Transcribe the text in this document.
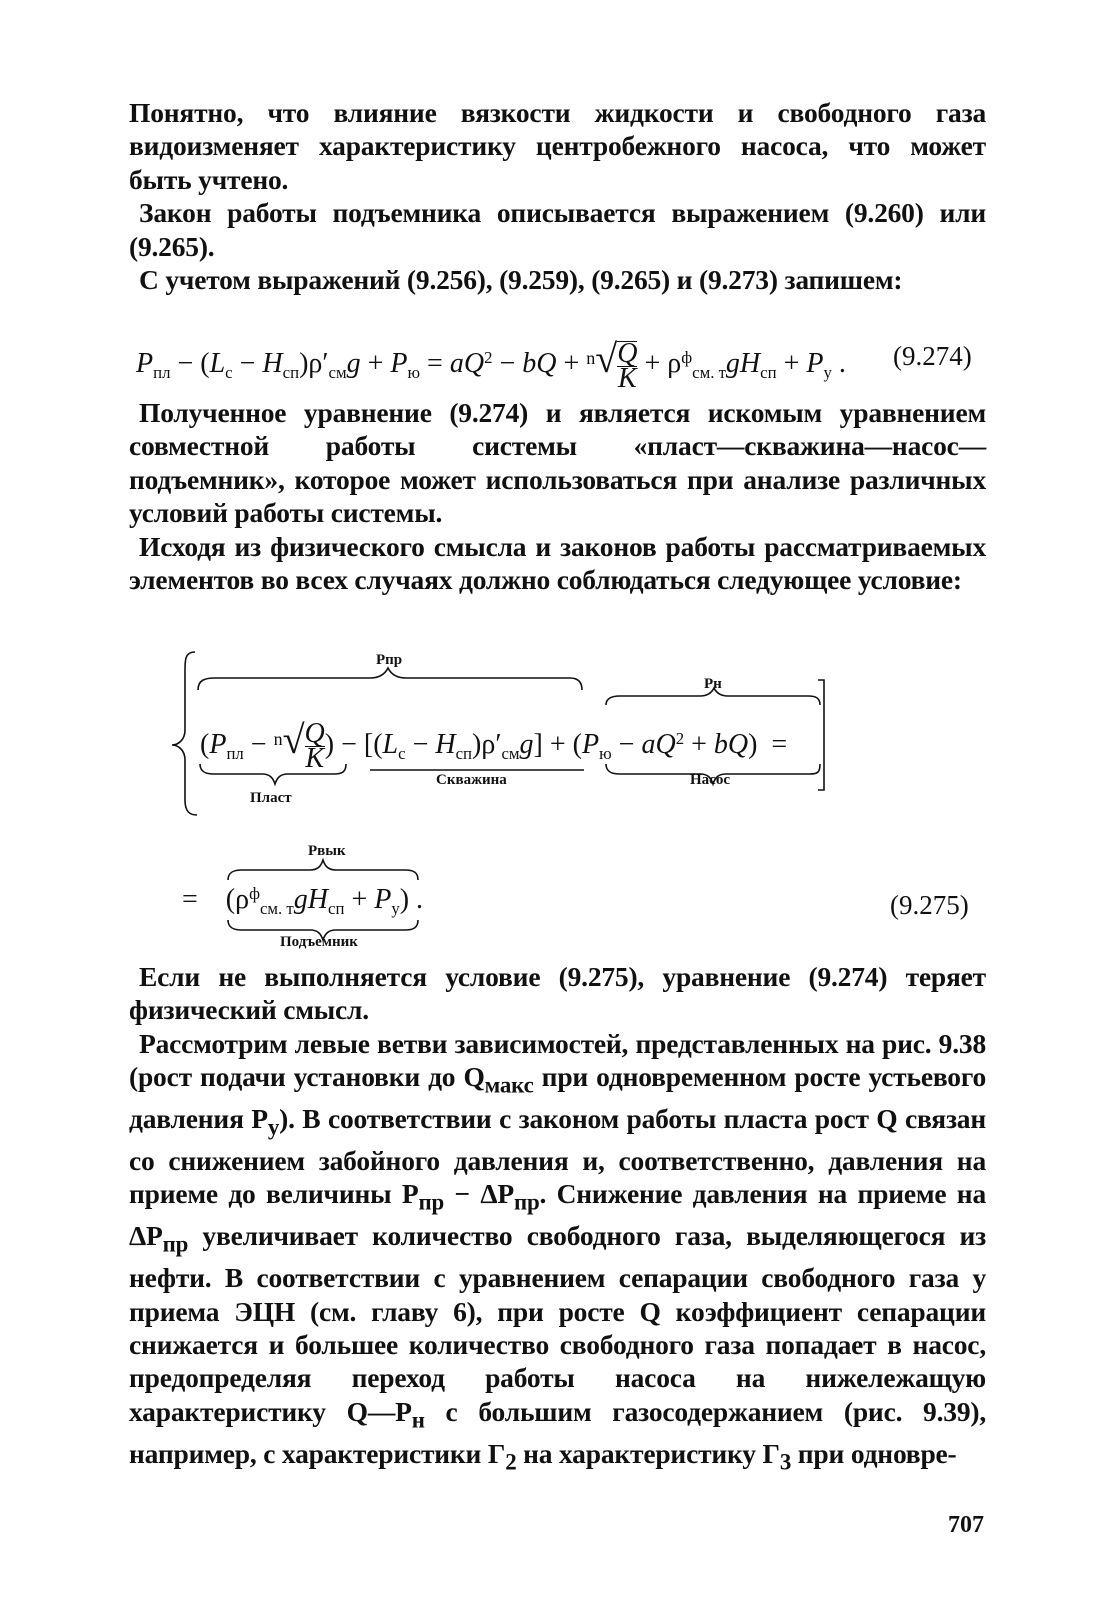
Понятно, что влияние вязкости жидкости и свободного газа видоизменяет характеристику центробежного насоса, что может быть учтено.

Закон работы подъемника описывается выражением (9.260) или (9.265).

С учетом выражений (9.256), (9.259), (9.265) и (9.273) запишем:

$P_{пл} - (L_с - H_{сп})\rho'_{см}g + P_ю = aQ^2$ − bQ + $^n√\frac{Q}{K} + \rho^ф_{см. т}gH_{сп} + P_у$ . (9.274)

Полученное уравнение (9.274) и является искомым уравнением совместной работы системы «пласт—скважина—насос—подъемник», которое может использоваться при анализе различных условий работы системы.

Исходя из физического смысла и законов работы рассматриваемых элементов во всех случаях должно соблюдаться следующее условие:

Pпр
Pн
($P_{пл} - ^n√\frac{Q}{K}$ ) − $[(L_с - H_{сп})\rho'_{см}g] + (P_ю - aQ^2 + bQ)$  =
Пласт
Скважина	Насос
Pвык
=    $(\rho^ф_{см. т}gH_{сп} + P_у)$ .
Подъемник
(9.275)

Если не выполняется условие (9.275), уравнение (9.274) теряет физический смысл.

Рассмотрим левые ветви зависимостей, представленных на рис. 9.38 (рост подачи установки до $Q_{макс}$ при одновременном росте устьевого давления $P_у$). В соответствии с законом работы пласта рост Q связан со снижением забойного давления и, соответственно, давления на приеме до величины $P_{пр} - \Delta P_{пр}$. Снижение давления на приеме на $\Delta P_{пр}$ увеличивает количество свободного газа, выделяющегося из нефти. В соответствии с уравнением сепарации свободного газа у приема ЭЦН (см. главу 6), при росте Q коэффициент сепарации снижается и большее количество свободного газа попадает в насос, предопределяя переход работы насоса на нижележащую характеристику $Q—P_н$ с большим газосодержанием (рис. 9.39), например, с характеристики $Г_2$ на характеристику $Г_3$ при одновре-

707
